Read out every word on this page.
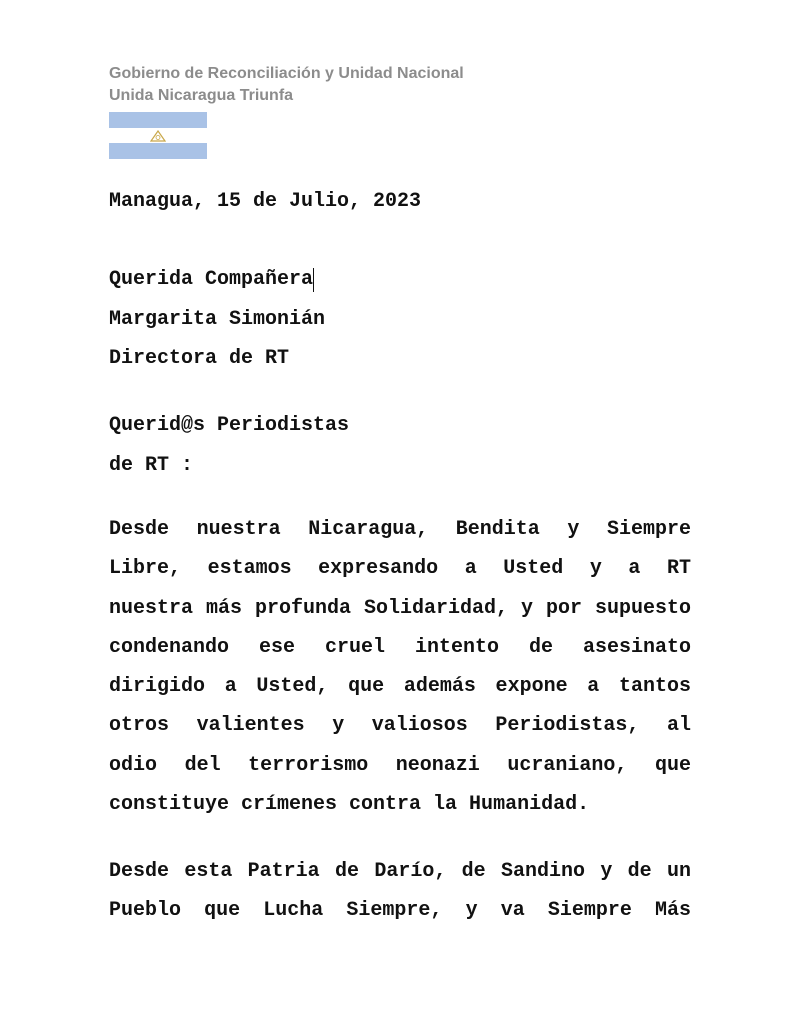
Gobierno de Reconciliación y Unidad Nacional
Unida Nicaragua Triunfa
Managua, 15 de Julio, 2023
Querida Compañera
Margarita Simonián
Directora de RT
Querid@s Periodistas
de RT :
Desde nuestra Nicaragua, Bendita y Siempre
Libre, estamos expresando a Usted y a RT
nuestra más profunda Solidaridad, y por supuesto
condenando ese cruel intento de asesinato
dirigido a Usted, que además expone a tantos
otros valientes y valiosos Periodistas, al
odio del terrorismo neonazi ucraniano, que
constituye crímenes contra la Humanidad.
Desde esta Patria de Darío, de Sandino y de un
Pueblo que Lucha Siempre, y va Siempre Más
